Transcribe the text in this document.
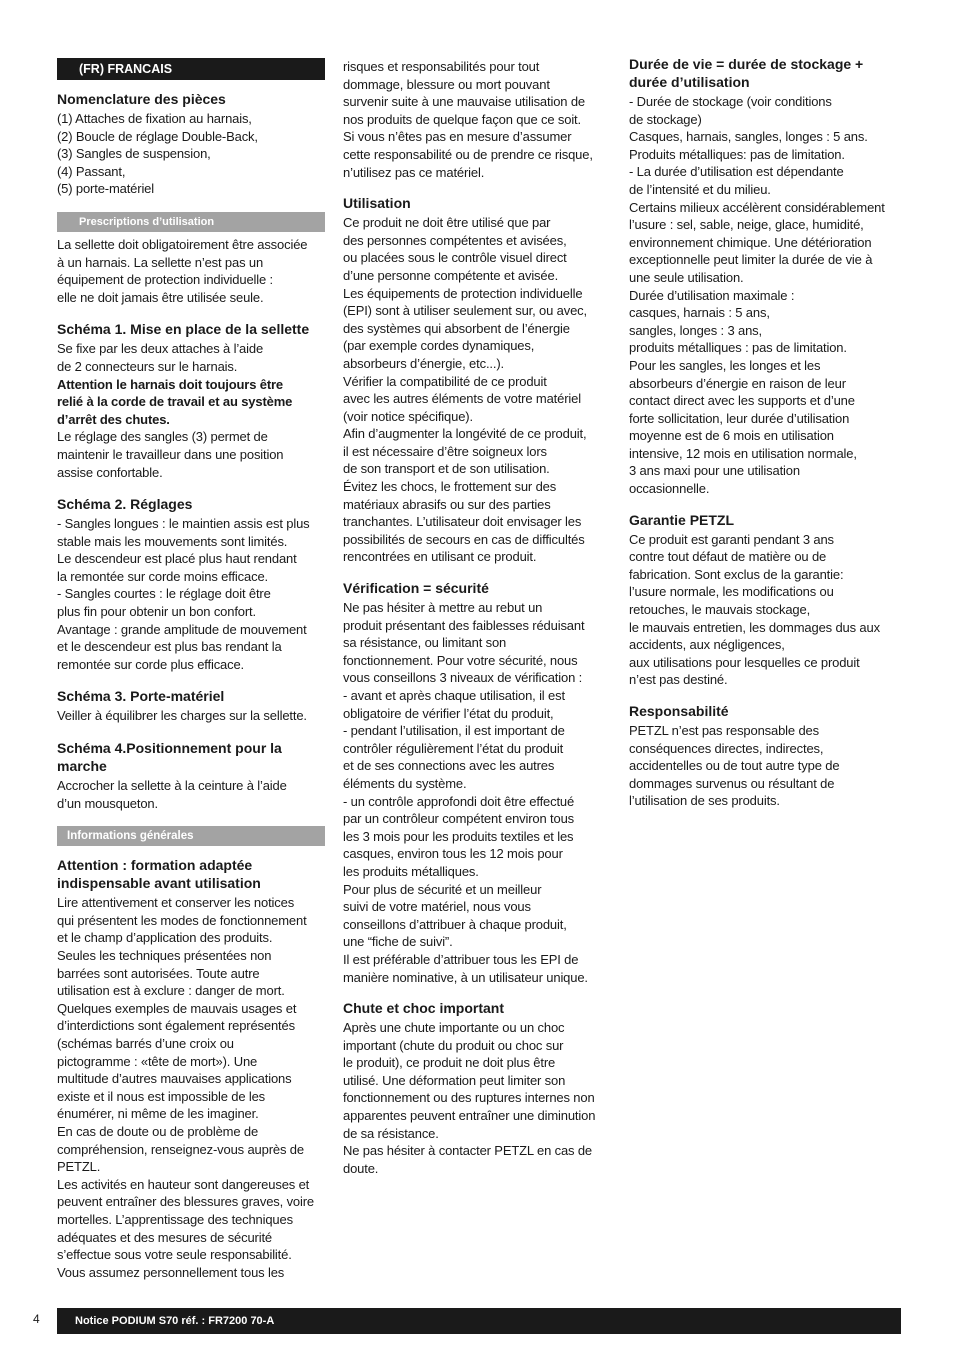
(FR) FRANCAIS
Nomenclature des pièces

(1) Attaches de fixation au harnais,
(2) Boucle de réglage Double-Back,
(3) Sangles de suspension,
(4) Passant,
(5) porte-matériel

Prescriptions d’utilisation

La sellette doit obligatoirement être associée
à un harnais. La sellette n’est pas un
équipement de protection individuelle :
elle ne doit jamais être utilisée seule.

Schéma 1. Mise en place de la sellette

Se fixe par les deux attaches à l’aide
de 2 connecteurs sur le harnais.

Attention le harnais doit toujours être
relié à la corde de travail et au système
d’arrêt des chutes.

Le réglage des sangles (3) permet de
maintenir le travailleur dans une position
assise confortable.

Schéma 2. Réglages

- Sangles longues : le maintien assis est plus
stable mais les mouvements sont limités.
Le descendeur est placé plus haut rendant
la remontée sur corde moins efficace.
- Sangles courtes : le réglage doit être
plus fin pour obtenir un bon confort.
Avantage : grande amplitude de mouvement
et le descendeur est plus bas rendant la
remontée sur corde plus efficace.

Schéma 3. Porte-matériel

Veiller à équilibrer les charges sur la sellette.

Schéma 4.Positionnement pour la
marche

Accrocher la sellette à la ceinture à l’aide
d’un mousqueton.

Informations générales
Attention : formation adaptée
indispensable avant utilisation

Lire attentivement et conserver les notices
qui présentent les modes de fonctionnement
et le champ d’application des produits.
Seules les techniques présentées non
barrées sont autorisées. Toute autre
utilisation est à exclure : danger de mort.
Quelques exemples de mauvais usages et
d’interdictions sont également représentés
(schémas barrés d’une croix ou
pictogramme : «tête de mort»). Une
multitude d’autres mauvaises applications
existe et il nous est impossible de les
énumérer, ni même de les imaginer.
En cas de doute ou de problème de
compréhension, renseignez-vous auprès de
PETZL.
Les activités en hauteur sont dangereuses et
peuvent entraîner des blessures graves, voire
mortelles. L’apprentissage des techniques
adéquates et des mesures de sécurité
s’effectue sous votre seule responsabilité.
Vous assumez personnellement tous les

risques et responsabilités pour tout
dommage, blessure ou mort pouvant
survenir suite à une mauvaise utilisation de
nos produits de quelque façon que ce soit.
Si vous n’êtes pas en mesure d’assumer
cette responsabilité ou de prendre ce risque,
n’utilisez pas ce matériel.

Utilisation

Ce produit ne doit être utilisé que par
des personnes compétentes et avisées,
ou placées sous le contrôle visuel direct
d’une personne compétente et avisée.
Les équipements de protection individuelle
(EPI) sont à utiliser seulement sur, ou avec,
des systèmes qui absorbent de l’énergie
(par exemple cordes dynamiques,
absorbeurs d’énergie, etc...).
Vérifier la compatibilité de ce produit
avec les autres éléments de votre matériel
(voir notice spécifique).
Afin d’augmenter la longévité de ce produit,
il est nécessaire d’être soigneux lors
de son transport et de son utilisation.
Évitez les chocs, le frottement sur des
matériaux abrasifs ou sur des parties
tranchantes. L’utilisateur doit envisager les
possibilités de secours en cas de difficultés
rencontrées en utilisant ce produit.

Vérification = sécurité

Ne pas hésiter à mettre au rebut un
produit présentant des faiblesses réduisant
sa résistance, ou limitant son
fonctionnement. Pour votre sécurité, nous
vous conseillons 3 niveaux de vérification :
- avant et après chaque utilisation, il est
obligatoire de vérifier l’état du produit,
- pendant l’utilisation, il est important de
contrôler régulièrement l’état du produit
et de ses connections avec les autres
éléments du système.
- un contrôle approfondi doit être effectué
par un contrôleur compétent environ tous
les 3 mois pour les produits textiles et les
casques, environ tous les 12 mois pour
les produits métalliques.
Pour plus de sécurité et un meilleur
suivi de votre matériel, nous vous
conseillons d’attribuer à chaque produit,
une “fiche de suivi”.
Il est préférable d’attribuer tous les EPI de
manière nominative, à un utilisateur unique.

Chute et choc important

Après une chute importante ou un choc
important (chute du produit ou choc sur
le produit), ce produit ne doit plus être
utilisé. Une déformation peut limiter son
fonctionnement ou des ruptures internes non
apparentes peuvent entraîner une diminution
de sa résistance.
Ne pas hésiter à contacter PETZL en cas de
doute.

Durée de vie = durée de stockage +
durée d’utilisation

- Durée de stockage (voir conditions
de stockage)
Casques, harnais, sangles, longes : 5 ans.
Produits métalliques: pas de limitation.
- La durée d’utilisation est dépendante
de l’intensité et du milieu.
Certains milieux accélèrent considérablement
l’usure : sel, sable, neige, glace, humidité,
environnement chimique. Une détérioration
exceptionnelle peut limiter la durée de vie à
une seule utilisation.
Durée d’utilisation maximale :
casques, harnais : 5 ans,
sangles, longes : 3 ans,
produits métalliques : pas de limitation.
Pour les sangles, les longes et les
absorbeurs d’énergie en raison de leur
contact direct avec les supports et d’une
forte sollicitation, leur durée d’utilisation
moyenne est de 6 mois en utilisation
intensive, 12 mois en utilisation normale,
3 ans maxi pour une utilisation
occasionnelle.

Garantie PETZL

Ce produit est garanti pendant 3 ans
contre tout défaut de matière ou de
fabrication. Sont exclus de la garantie:
l’usure normale, les modifications ou
retouches, le mauvais stockage,
le mauvais entretien, les dommages dus aux
accidents, aux négligences,
aux utilisations pour lesquelles ce produit
n’est pas destiné.

Responsabilité

PETZL n’est pas responsable des
conséquences directes, indirectes,
accidentelles ou de tout autre type de
dommages survenus ou résultant de
l’utilisation de ses produits.

4	Notice PODIUM S70 réf. : FR7200 70-A
